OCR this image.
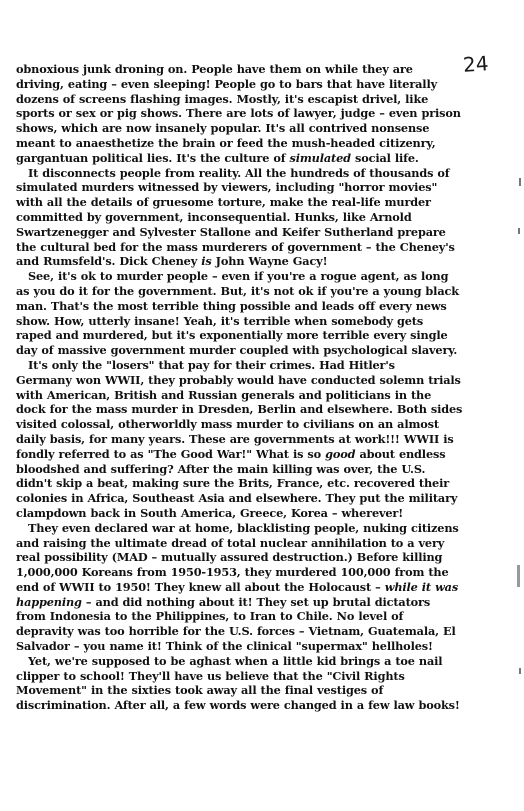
24
obnoxious junk droning on. People have them on while they are
driving, eating – even sleeping! People go to bars that have literally
dozens of screens flashing images. Mostly, it's escapist drivel, like
sports or sex or pig shows. There are lots of lawyer, judge – even prison
shows, which are now insanely popular. It's all contrived nonsense
meant to anaesthetize the brain or feed the mush-headed citizenry,
gargantuan political lies. It's the culture of simulated social life.
It disconnects people from reality. All the hundreds of thousands of
simulated murders witnessed by viewers, including "horror movies"
with all the details of gruesome torture, make the real-life murder
committed by government, inconsequential. Hunks, like Arnold
Swartzenegger and Sylvester Stallone and Keifer Sutherland prepare
the cultural bed for the mass murderers of government – the Cheney's
and Rumsfeld's. Dick Cheney is John Wayne Gacy!
See, it's ok to murder people – even if you're a rogue agent, as long
as you do it for the government. But, it's not ok if you're a young black
man. That's the most terrible thing possible and leads off every news
show. How, utterly insane! Yeah, it's terrible when somebody gets
raped and murdered, but it's exponentially more terrible every single
day of massive government murder coupled with psychological slavery.
It's only the "losers" that pay for their crimes. Had Hitler's
Germany won WWII, they probably would have conducted solemn trials
with American, British and Russian generals and politicians in the
dock for the mass murder in Dresden, Berlin and elsewhere. Both sides
visited colossal, otherworldly mass murder to civilians on an almost
daily basis, for many years. These are governments at work!!! WWII is
fondly referred to as "The Good War!" What is so good about endless
bloodshed and suffering? After the main killing was over, the U.S.
didn't skip a beat, making sure the Brits, France, etc. recovered their
colonies in Africa, Southeast Asia and elsewhere. They put the military
clampdown back in South America, Greece, Korea – wherever!
They even declared war at home, blacklisting people, nuking citizens
and raising the ultimate dread of total nuclear annihilation to a very
real possibility (MAD – mutually assured destruction.) Before killing
1,000,000 Koreans from 1950-1953, they murdered 100,000 from the
end of WWII to 1950! They knew all about the Holocaust – while it was
happening – and did nothing about it! They set up brutal dictators
from Indonesia to the Philippines, to Iran to Chile. No level of
depravity was too horrible for the U.S. forces – Vietnam, Guatemala, El
Salvador – you name it! Think of the clinical "supermax" hellholes!
Yet, we're supposed to be aghast when a little kid brings a toe nail
clipper to school! They'll have us believe that the "Civil Rights
Movement" in the sixties took away all the final vestiges of
discrimination. After all, a few words were changed in a few law books!
